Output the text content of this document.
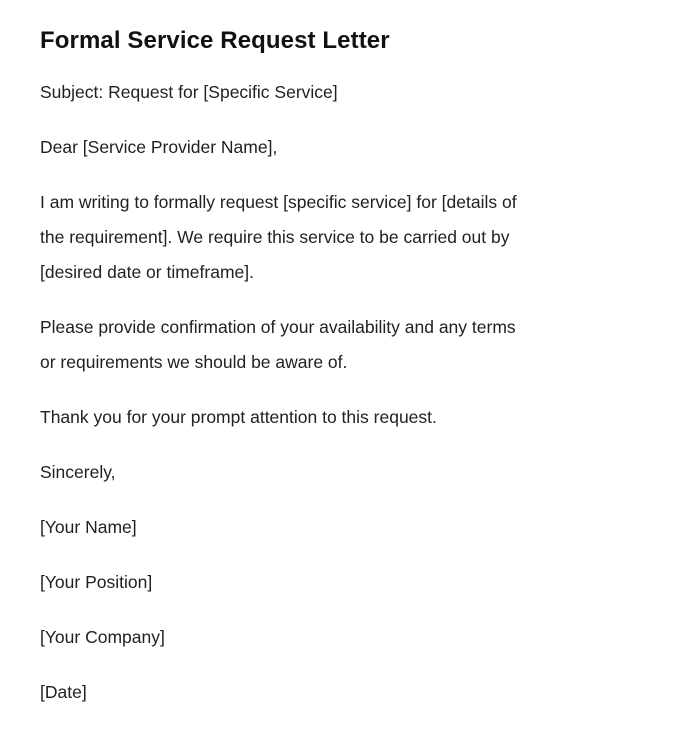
Formal Service Request Letter

Subject: Request for [Specific Service]

Dear [Service Provider Name],

I am writing to formally request [specific service] for [details of
the requirement]. We require this service to be carried out by
[desired date or timeframe].

Please provide confirmation of your availability and any terms
or requirements we should be aware of.

Thank you for your prompt attention to this request.

Sincerely,

[Your Name]

[Your Position]

[Your Company]

[Date]
